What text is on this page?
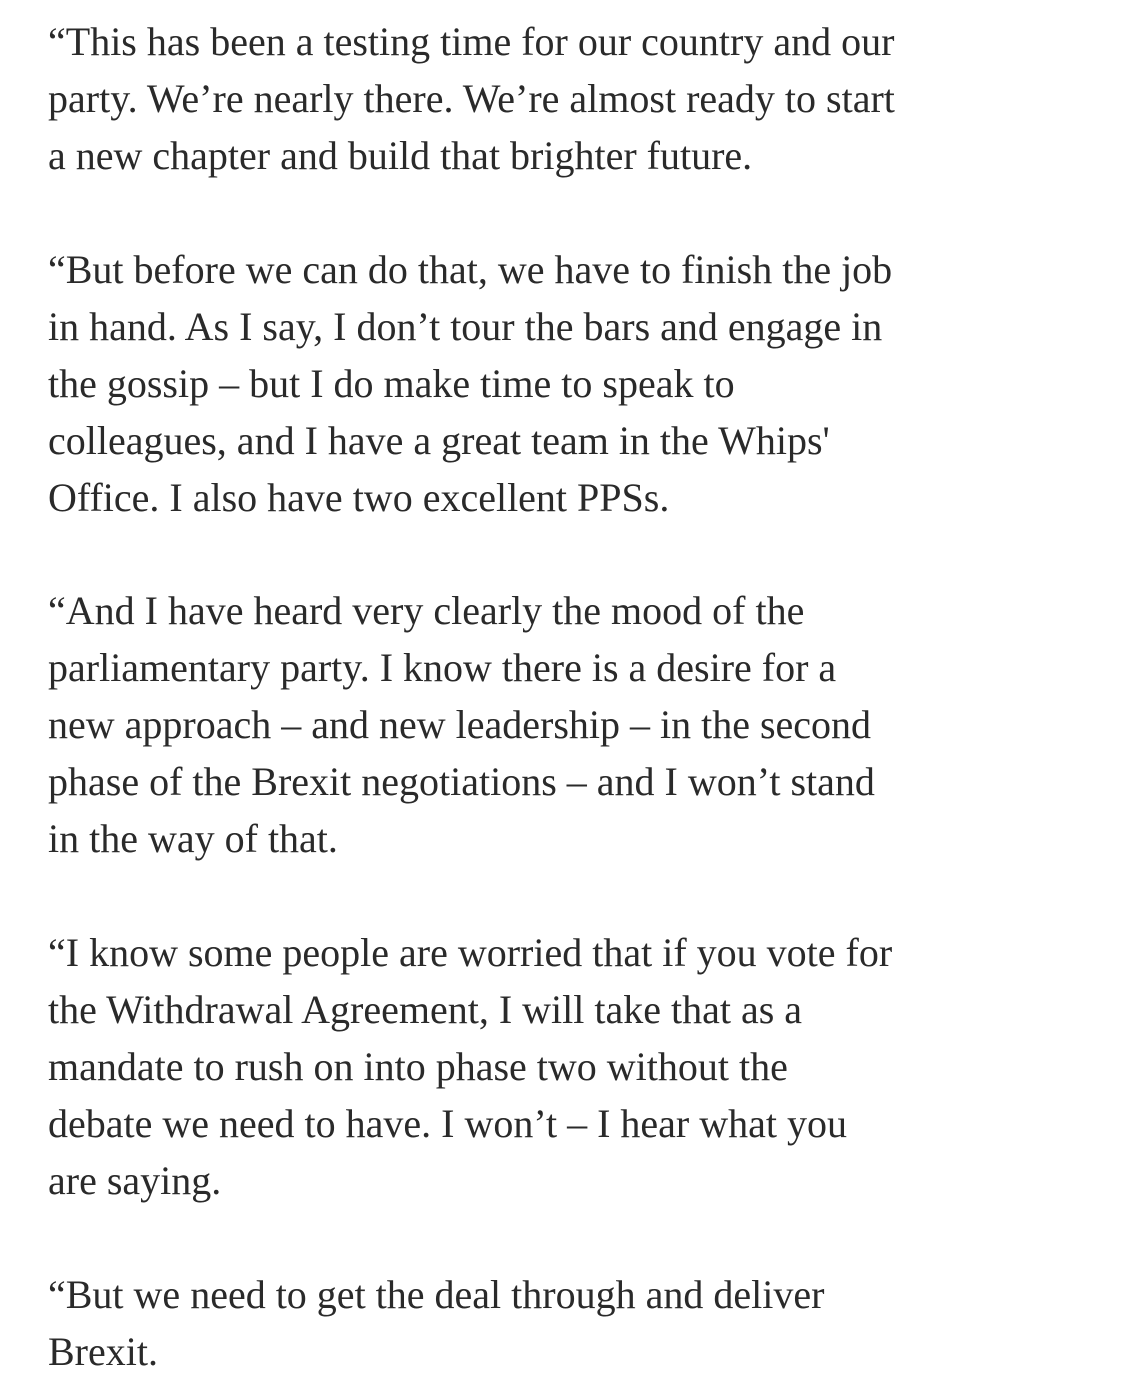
“This has been a testing time for our country and our
party. We’re nearly there. We’re almost ready to start
a new chapter and build that brighter future.

“But before we can do that, we have to finish the job
in hand. As I say, I don’t tour the bars and engage in
the gossip – but I do make time to speak to
colleagues, and I have a great team in the Whips'
Office. I also have two excellent PPSs.

“And I have heard very clearly the mood of the
parliamentary party. I know there is a desire for a
new approach – and new leadership – in the second
phase of the Brexit negotiations – and I won’t stand
in the way of that.

“I know some people are worried that if you vote for
the Withdrawal Agreement, I will take that as a
mandate to rush on into phase two without the
debate we need to have. I won’t – I hear what you
are saying.

“But we need to get the deal through and deliver
Brexit.
